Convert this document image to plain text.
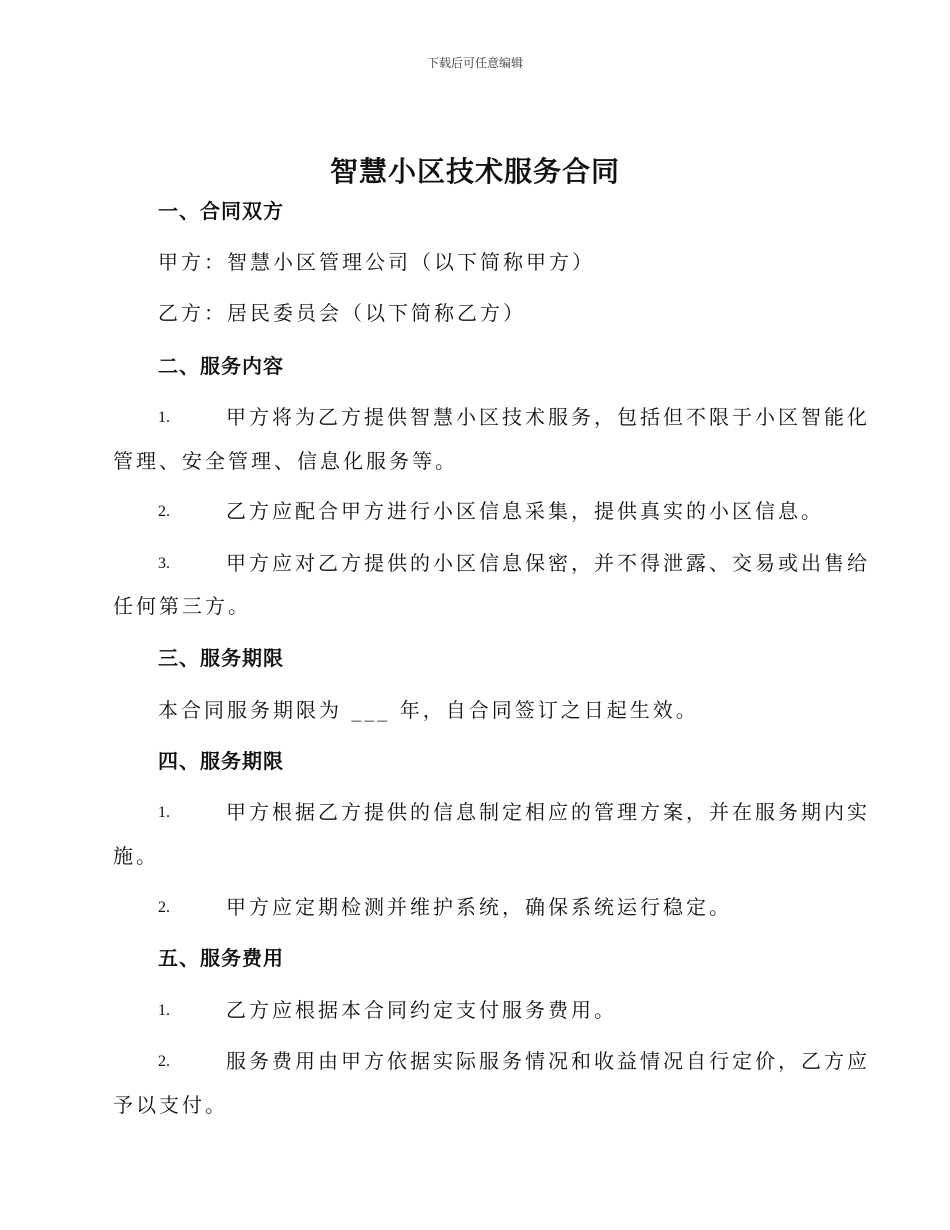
下载后可任意编辑
智慧小区技术服务合同
一、合同双方
甲方：智慧小区管理公司（以下简称甲方）
乙方：居民委员会（以下简称乙方）
二、服务内容
1.	甲方将为乙方提供智慧小区技术服务，包括但不限于小区智能化
管理、安全管理、信息化服务等。
2.	乙方应配合甲方进行小区信息采集，提供真实的小区信息。
3.	甲方应对乙方提供的小区信息保密，并不得泄露、交易或出售给
任何第三方。
三、服务期限
本合同服务期限为 ___ 年，自合同签订之日起生效。
四、服务期限
1.	甲方根据乙方提供的信息制定相应的管理方案，并在服务期内实
施。
2.	甲方应定期检测并维护系统，确保系统运行稳定。
五、服务费用
1.	乙方应根据本合同约定支付服务费用。
2.	服务费用由甲方依据实际服务情况和收益情况自行定价，乙方应
予以支付。
